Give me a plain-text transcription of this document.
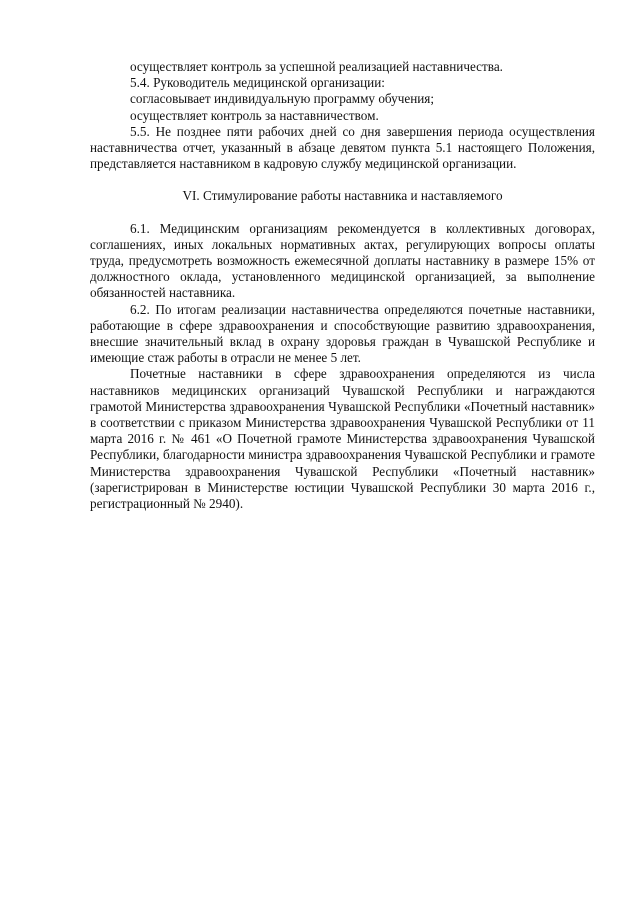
осуществляет контроль за успешной реализацией наставничества.

5.4. Руководитель медицинской организации:

согласовывает индивидуальную программу обучения;

осуществляет контроль за наставничеством.

5.5. Не позднее пяти рабочих дней со дня завершения периода осуществления наставничества отчет, указанный в абзаце девятом пункта 5.1 настоящего Положения, представляется наставником в кадровую службу медицинской организации.

VI. Стимулирование работы наставника и наставляемого

6.1. Медицинским организациям рекомендуется в коллективных договорах, соглашениях, иных локальных нормативных актах, регулирующих вопросы оплаты труда, предусмотреть возможность ежемесячной доплаты наставнику в размере 15% от должностного оклада, установленного медицинской организацией, за выполнение обязанностей наставника.

6.2. По итогам реализации наставничества определяются почетные наставники, работающие в сфере здравоохранения и способствующие развитию здравоохранения, внесшие значительный вклад в охрану здоровья граждан в Чувашской Республике и имеющие стаж работы в отрасли не менее 5 лет.

Почетные наставники в сфере здравоохранения определяются из числа наставников медицинских организаций Чувашской Республики и награждаются грамотой Министерства здравоохранения Чувашской Республики «Почетный наставник» в соответствии с приказом Министерства здравоохранения Чувашской Республики от 11 марта 2016 г. № 461 «О Почетной грамоте Министерства здравоохранения Чувашской Республики, благодарности министра здравоохранения Чувашской Республики и грамоте Министерства здравоохранения Чувашской Республики «Почетный наставник» (зарегистрирован в Министерстве юстиции Чувашской Республики 30 марта 2016 г., регистрационный № 2940).
